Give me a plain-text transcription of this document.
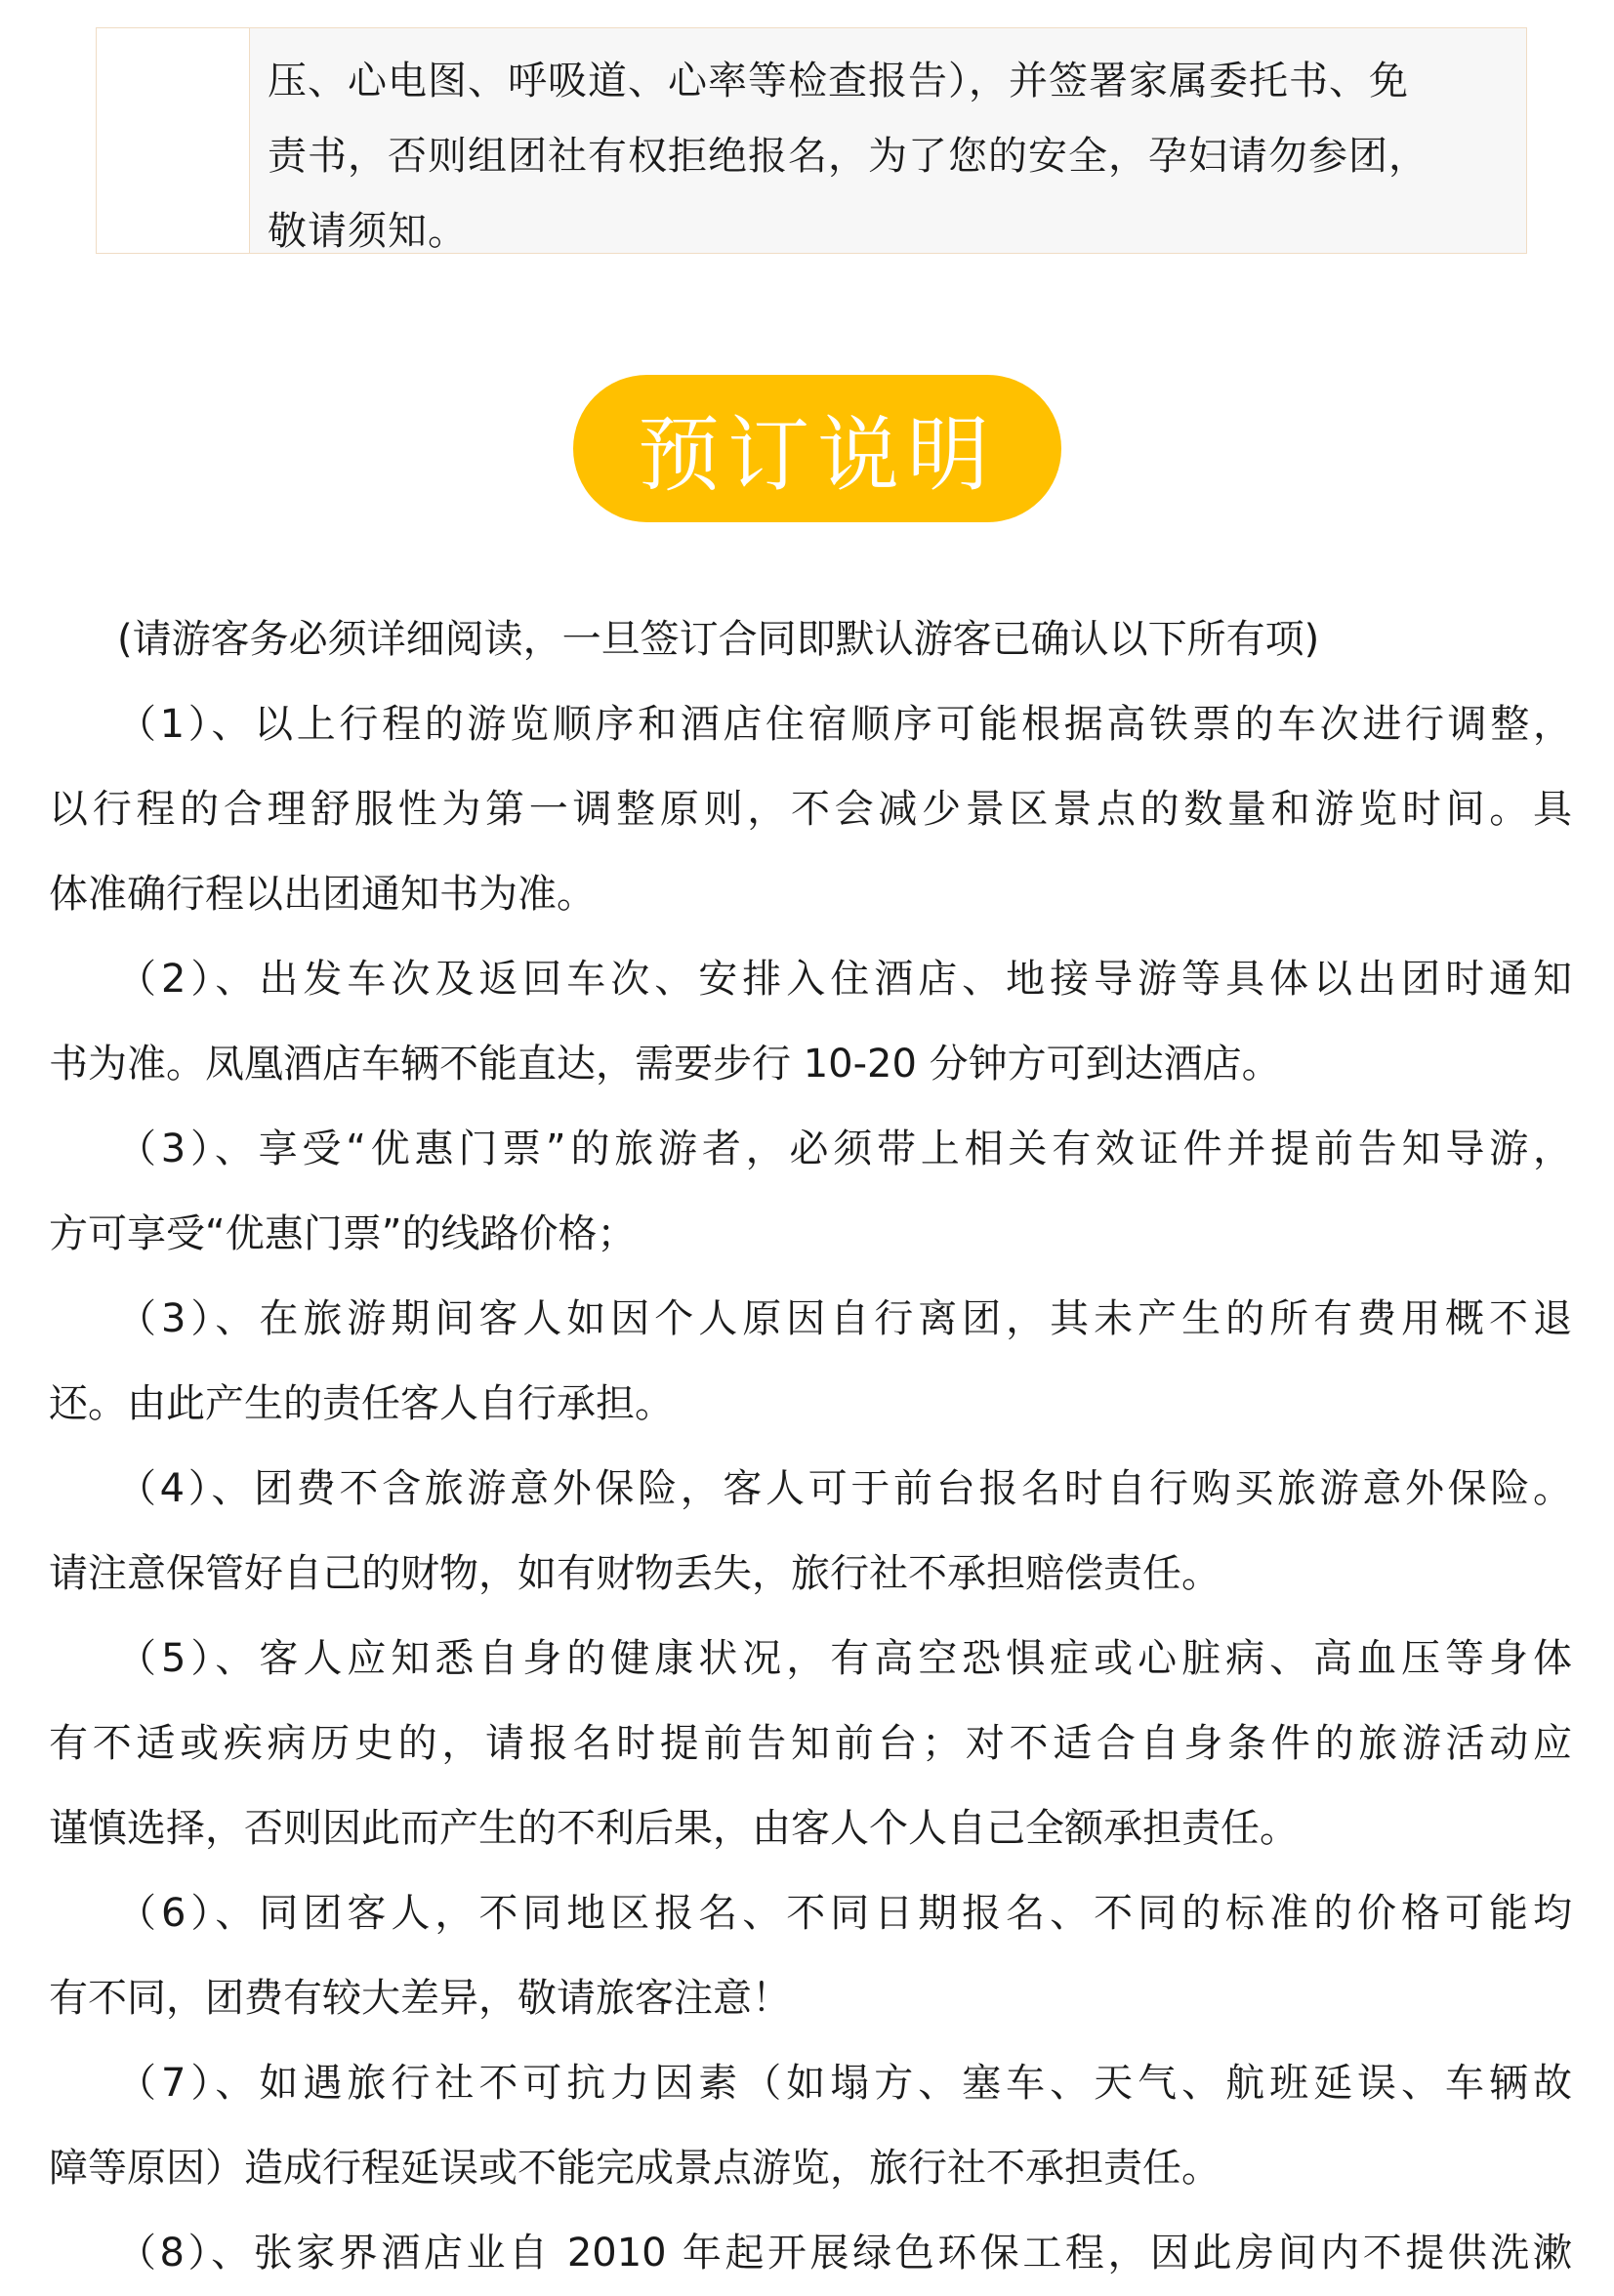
压、心电图、呼吸道、心率等检查报告），并签署家属委托书、免
责书，否则组团社有权拒绝报名，为了您的安全，孕妇请勿参团，
敬请须知。
预订说明
(请游客务必须详细阅读，一旦签订合同即默认游客已确认以下所有项)
（1）、以上行程的游览顺序和酒店住宿顺序可能根据高铁票的车次进行调整，
以行程的合理舒服性为第一调整原则，不会减少景区景点的数量和游览时间。具
体准确行程以出团通知书为准。
（2）、出发车次及返回车次、安排入住酒店、地接导游等具体以出团时通知
书为准。凤凰酒店车辆不能直达，需要步行 10-20 分钟方可到达酒店。
（3）、享受“优惠门票”的旅游者，必须带上相关有效证件并提前告知导游，
方可享受“优惠门票”的线路价格；
（3）、在旅游期间客人如因个人原因自行离团，其未产生的所有费用概不退
还。由此产生的责任客人自行承担。
（4）、团费不含旅游意外保险，客人可于前台报名时自行购买旅游意外保险。
请注意保管好自己的财物，如有财物丢失，旅行社不承担赔偿责任。
（5）、客人应知悉自身的健康状况，有高空恐惧症或心脏病、高血压等身体
有不适或疾病历史的，请报名时提前告知前台；对不适合自身条件的旅游活动应
谨慎选择，否则因此而产生的不利后果，由客人个人自己全额承担责任。
（6）、同团客人，不同地区报名、不同日期报名、不同的标准的价格可能均
有不同，团费有较大差异，敬请旅客注意！
（7）、如遇旅行社不可抗力因素（如塌方、塞车、天气、航班延误、车辆故
障等原因）造成行程延误或不能完成景点游览，旅行社不承担责任。
（8）、张家界酒店业自 2010 年起开展绿色环保工程，因此房间内不提供洗漱
